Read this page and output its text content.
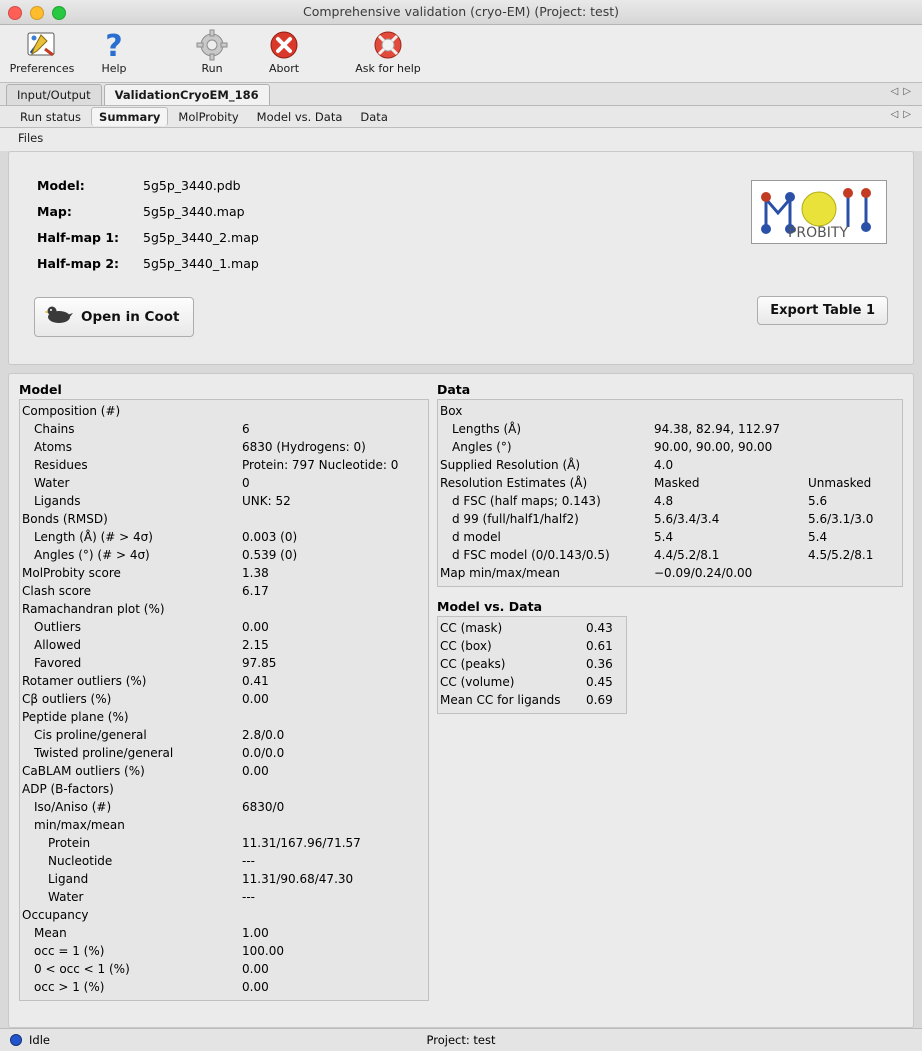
Comprehensive validation (cryo-EM) (Project: test)
Preferences
?
Help	Run	Abort	Ask for help
Input/Output	ValidationCryoEM_186	◁▷
Run status	Summary	MolProbity	Model vs. Data	Data	◁▷
Files
Model:	5g5p_3440.pdb
Map:	5g5p_3440.map
Half-map 1:	5g5p_3440_2.map
Half-map 2:	5g5p_3440_1.map
PROBITY
Open in Coot	Export Table 1
Model
Composition (#)
Chains	6
Atoms	6830 (Hydrogens: 0)
Residues	Protein: 797 Nucleotide: 0
Water	0
Ligands	UNK: 52
Bonds (RMSD)
Length (Å) (# > 4σ)	0.003 (0)
Angles (°) (# > 4σ)	0.539 (0)
MolProbity score	1.38
Clash score	6.17
Ramachandran plot (%)
Outliers	0.00
Allowed	2.15
Favored	97.85
Rotamer outliers (%)	0.41
Cβ outliers (%)	0.00
Peptide plane (%)
Cis proline/general	2.8/0.0
Twisted proline/general	0.0/0.0
CaBLAM outliers (%)	0.00
ADP (B-factors)
Iso/Aniso (#)	6830/0
min/max/mean
Protein	11.31/167.96/71.57
Nucleotide	---
Ligand	11.31/90.68/47.30
Water	---
Occupancy
Mean	1.00
occ = 1 (%)	100.00
0 < occ < 1 (%)	0.00
occ > 1 (%)	0.00
Data
Box
Lengths (Å)	94.38, 82.94, 112.97
Angles (°)	90.00, 90.00, 90.00
Supplied Resolution (Å)	4.0
Resolution Estimates (Å)	Masked	Unmasked
d FSC (half maps; 0.143)	4.8	5.6
d 99 (full/half1/half2)	5.6/3.4/3.4	5.6/3.1/3.0
d model	5.4	5.4
d FSC model (0/0.143/0.5)	4.4/5.2/8.1	4.5/5.2/8.1
Map min/max/mean	−0.09/0.24/0.00
Model vs. Data
CC (mask)	0.43
CC (box)	0.61
CC (peaks)	0.36
CC (volume)	0.45
Mean CC for ligands 0.69
Idle	Project: test
